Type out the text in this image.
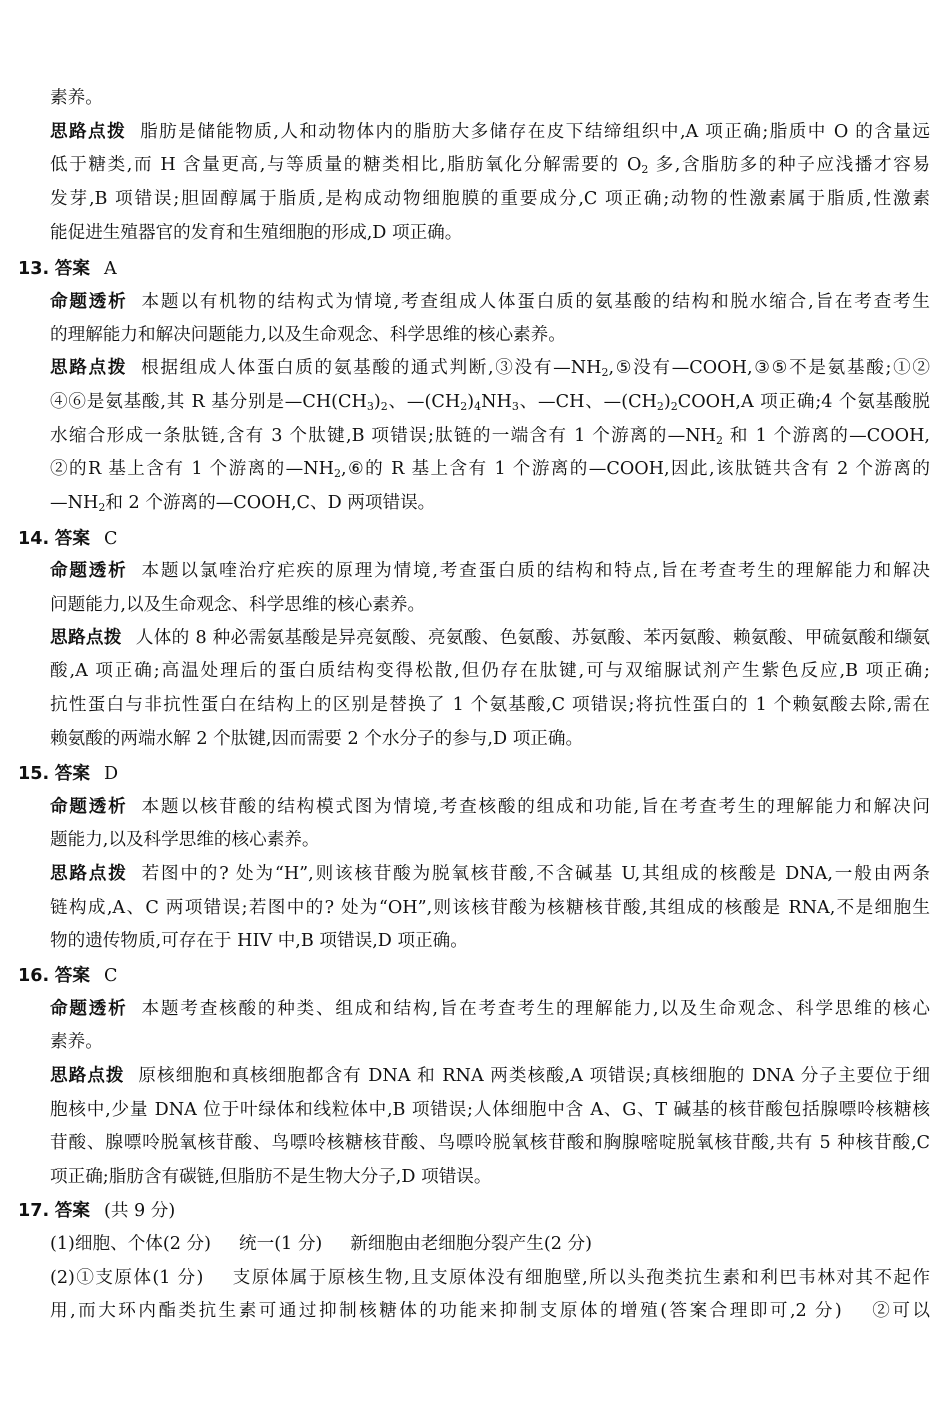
素养。
思路点拨 脂肪是储能物质,人和动物体内的脂肪大多储存在皮下结缔组织中,A 项正确;脂质中 O 的含量远
低于糖类,而 H 含量更高,与等质量的糖类相比,脂肪氧化分解需要的 $O_2$ 多,含脂肪多的种子应浅播才容易
发芽,B 项错误;胆固醇属于脂质,是构成动物细胞膜的重要成分,C 项正确;动物的性激素属于脂质,性激素
能促进生殖器官的发育和生殖细胞的形成,D 项正确。
13. 答案 A
命题透析 本题以有机物的结构式为情境,考查组成人体蛋白质的氨基酸的结构和脱水缩合,旨在考查考生
的理解能力和解决问题能力,以及生命观念、科学思维的核心素养。
思路点拨 根据组成人体蛋白质的氨基酸的通式判断,③没有$—NH_2,⑤$没有—COOH,③⑤不是氨基酸;①②
④⑥是氨基酸,其 R 基分别是$—CH(CH_3)_2$、$—(CH_2)_4NH_3$、—CH、$—(CH_2)_2COOH,A$ 项正确;4 个氨基酸脱
水缩合形成一条肽链,含有 3 个肽键,B 项错误;肽链的一端含有 1 个游离的$—NH_2$ 和 1 个游离的—COOH,
②的R 基上含有 1 个游离的$—NH_2,⑥$的 R 基上含有 1 个游离的—COOH,因此,该肽链共含有 2 个游离的
$—NH_2$和 2 个游离的—COOH,C、D 两项错误。
14. 答案 C
命题透析 本题以氯喹治疗疟疾的原理为情境,考查蛋白质的结构和特点,旨在考查考生的理解能力和解决
问题能力,以及生命观念、科学思维的核心素养。
思路点拨 人体的 8 种必需氨基酸是异亮氨酸、亮氨酸、色氨酸、苏氨酸、苯丙氨酸、赖氨酸、甲硫氨酸和缬氨
酸,A 项正确;高温处理后的蛋白质结构变得松散,但仍存在肽键,可与双缩脲试剂产生紫色反应,B 项正确;
抗性蛋白与非抗性蛋白在结构上的区别是替换了 1 个氨基酸,C 项错误;将抗性蛋白的 1 个赖氨酸去除,需在
赖氨酸的两端水解 2 个肽键,因而需要 2 个水分子的参与,D 项正确。
15. 答案 D
命题透析 本题以核苷酸的结构模式图为情境,考查核酸的组成和功能,旨在考查考生的理解能力和解决问
题能力,以及科学思维的核心素养。
思路点拨 若图中的? 处为“H”,则该核苷酸为脱氧核苷酸,不含碱基 U,其组成的核酸是 DNA,一般由两条
链构成,A、C 两项错误;若图中的? 处为“OH”,则该核苷酸为核糖核苷酸,其组成的核酸是 RNA,不是细胞生
物的遗传物质,可存在于 HIV 中,B 项错误,D 项正确。
16. 答案 C
命题透析 本题考查核酸的种类、组成和结构,旨在考查考生的理解能力,以及生命观念、科学思维的核心
素养。
思路点拨 原核细胞和真核细胞都含有 DNA 和 RNA 两类核酸,A 项错误;真核细胞的 DNA 分子主要位于细
胞核中,少量 DNA 位于叶绿体和线粒体中,B 项错误;人体细胞中含 A、G、T 碱基的核苷酸包括腺嘌呤核糖核
苷酸、腺嘌呤脱氧核苷酸、鸟嘌呤核糖核苷酸、鸟嘌呤脱氧核苷酸和胸腺嘧啶脱氧核苷酸,共有 5 种核苷酸,C
项正确;脂肪含有碳链,但脂肪不是生物大分子,D 项错误。
17. 答案 (共 9 分)
(1)细胞、个体(2 分) 统一(1 分) 新细胞由老细胞分裂产生(2 分)
(2)①支原体(1 分) 支原体属于原核生物,且支原体没有细胞壁,所以头孢类抗生素和利巴韦林对其不起作
用,而大环内酯类抗生素可通过抑制核糖体的功能来抑制支原体的增殖(答案合理即可,2 分) ②可以
